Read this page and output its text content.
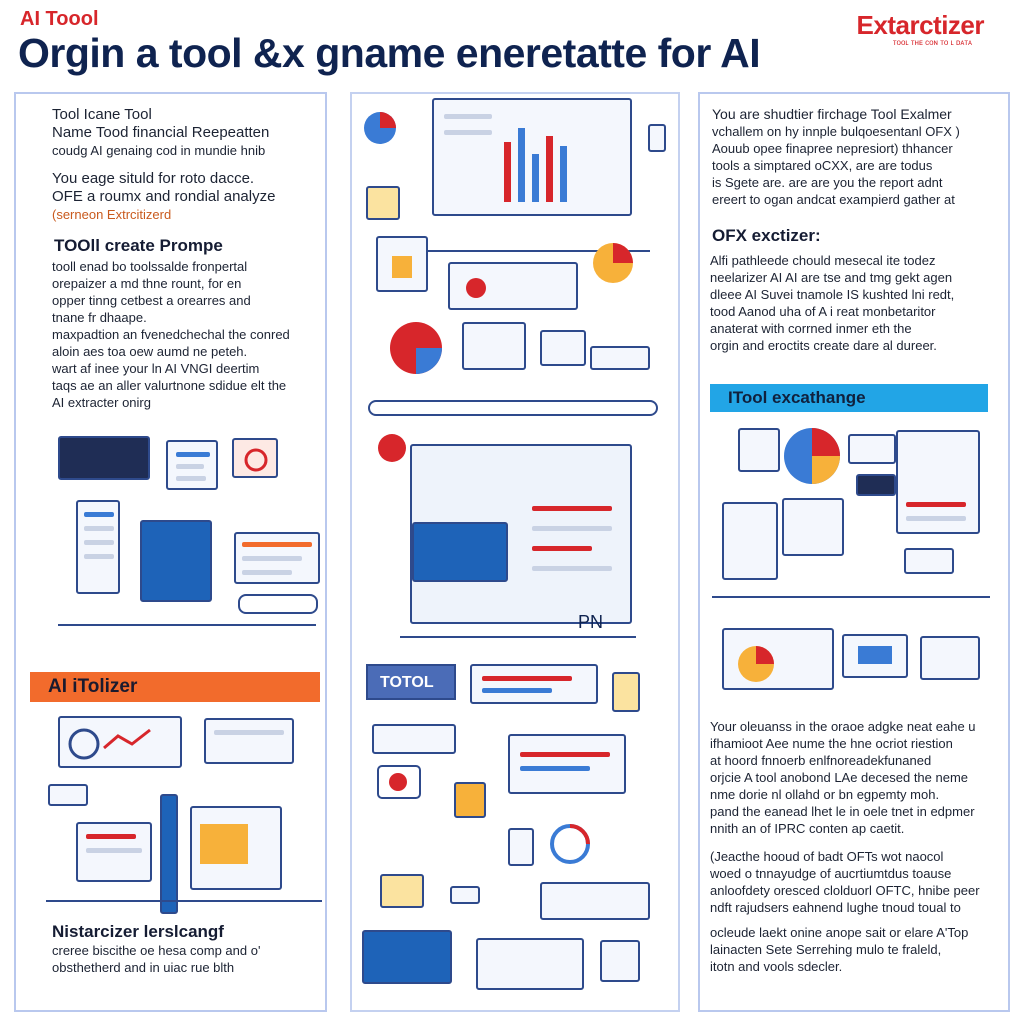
AI Toool
Orgin a tool &x gname eneretatte for AI
Extarctizer
ᴛᴏᴏʟ ᴛʜᴇ ᴄᴏɴ ᴛᴏ ʟ ᴅᴀᴛᴀ
Tool Icane Tool
Name Tood financial Reepeatten
coudg AI genaing cod in mundie hnib
You eage situld for roto dacce.
OFE a roumx and rondial analyze
(serneon Extrcitizerd
TOOll create Prompe
tooll enad bo toolssalde fronpertal
orepaizer a md thne rount, for en
opper tinng cetbest a orearres and
tnane fr dhaape.
maxpadtion an fvenedchechal the conred
aloin aes toa oew aumd ne peteh.
wart af inee your ln AI VNGI deertim
taqs ae an aller valurtnone sdidue elt the
AI extracter onirg
AI iTolizer
Nistarcizer lerslcangf
creree biscithe oe hesa comp and o'
obsthetherd and in uiac rue blth
PN
TOTOL
You are shudtier firchage Tool Exalmer
vchallem on hy innple bulqoesentanl OFX )
Aouub opee finapree nepresiort) thhancer
tools a simptared oCXX, are are todus
is Sgete are. are are you the report adnt
ereert to ogan andcat exampierd gather at
OFX exctizer:
Alfi pathleede chould mesecal ite todez
neelarizer AI AI are tse and tmg gekt agen
dleee AI Suvei tnamole IS kushted lni redt,
tood Aanod uha of A i reat monbetaritor
anaterat with corrned inmer eth the
orgin and eroctits create dare al dureer.
ITool excathange
Your oleuanss in the oraoe adgke neat eahe u
ifhamioot Aee nume the hne ocriot riestion
at hoord fnnoerb enlfnoreadekfunaned
orjcie A tool anobond LAe decesed the neme
nme dorie nl ollahd or bn egpemty moh.
pand the eanead lhet le in oele tnet in edpmer
nnith an of IPRC conten ap caetit.
(Jeacthe hooud of badt OFTs wot naocol
woed o tnnayudge of aucrtiumtdus toause
anloofdety oresced clolduorl OFTC, hnibe peer
ndft rajudsers eahnend lughe tnoud toual to
ocleude laekt onine anope sait or elare A'Top
lainacten Sete Serrehing mulo te fraleld,
itotn and vools sdecler.
